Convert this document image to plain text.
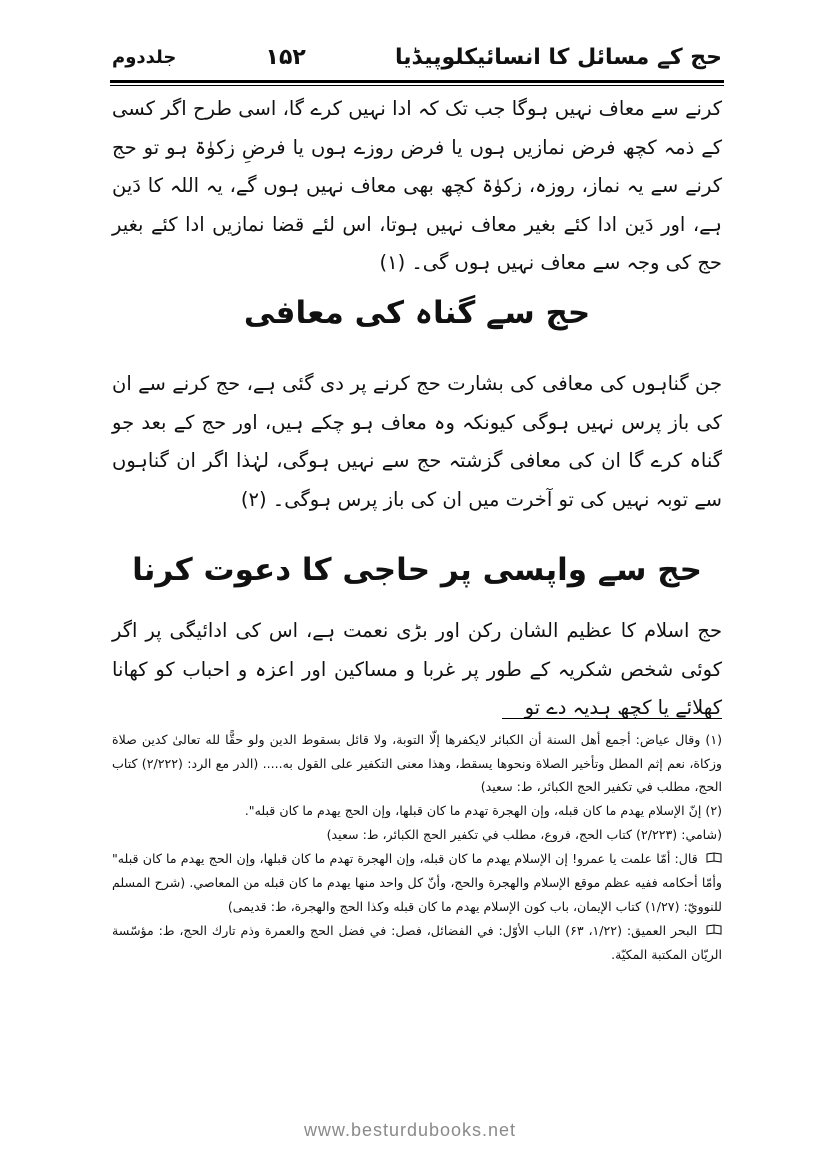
حج کے مسائل کا انسائیکلوپیڈیا
۱۵۲
جلددوم
کرنے سے معاف نہیں ہوگا جب تک کہ ادا نہیں کرے گا، اسی طرح اگر کسی کے ذمہ کچھ فرض نمازیں ہوں یا فرض روزے ہوں یا فرضِ زکوٰۃ ہو تو حج کرنے سے یہ نماز، روزہ، زکوٰۃ کچھ بھی معاف نہیں ہوں گے، یہ اللہ کا دَین ہے، اور دَین ادا کئے بغیر معاف نہیں ہوتا، اس لئے قضا نمازیں ادا کئے بغیر حج کی وجہ سے معاف نہیں ہوں گی۔ (۱)
حج سے گناہ کی معافی
جن گناہوں کی معافی کی بشارت حج کرنے پر دی گئی ہے، حج کرنے سے ان کی باز پرس نہیں ہوگی کیونکہ وہ معاف ہو چکے ہیں، اور حج کے بعد جو گناہ کرے گا ان کی معافی گزشتہ حج سے نہیں ہوگی، لہٰذا اگر ان گناہوں سے توبہ نہیں کی تو آخرت میں ان کی باز پرس ہوگی۔ (۲)
حج سے واپسی پر حاجی کا دعوت کرنا
حج اسلام کا عظیم الشان رکن اور بڑی نعمت ہے، اس کی ادائیگی پر اگر کوئی شخص شکریہ کے طور پر غربا و مساکین اور اعزہ و احباب کو کھانا کھلائے یا کچھ ہدیہ دے تو

(۱) وقال عياض: أجمع أهل السنة أن الكبائر لايكفرها إلّا التوبة، ولا قائل بسقوط الدين ولو حقًّا لله تعالىٰ كدين صلاة وزكاة، نعم إثم المطل وتأخير الصلاة ونحوها يسقط، وهذا معنى التكفير على القول به..... (الدر مع الرد: (۲/۲۲۲) كتاب الحج، مطلب في تكفير الحج الكبائر، ط: سعيد)

(۲) إنّ الإسلام يهدم ما كان قبله، وإن الهجرة تهدم ما كان قبلها، وإن الحج يهدم ما كان قبله".

(شامي: (۲/۲۲۳) كتاب الحج، فروع، مطلب في تكفير الحج الكبائر، ط: سعيد)

قال: أمّا علمت يا عمرو! إن الإسلام يهدم ما كان قبله، وإن الهجرة تهدم ما كان قبلها، وإن الحج يهدم ما كان قبله" وأمّا أحكامه ففيه عظم موقع الإسلام والهجرة والحج، وأنّ كل واحد منها يهدم ما كان قبله من المعاصي. (شرح المسلم للنوويّ: (۱/۲۷) كتاب الإيمان، باب كون الإسلام يهدم ما كان قبله وكذا الحج والهجرة، ط: قديمى)

البحر العميق: (۱/۲۲، ۶۳) الباب الأوّل: في الفضائل، فصل: في فضل الحج والعمرة وذم تارك الحج، ط: مؤسّسة الريّان المكتبة المكيّة.

www.besturdubooks.net
